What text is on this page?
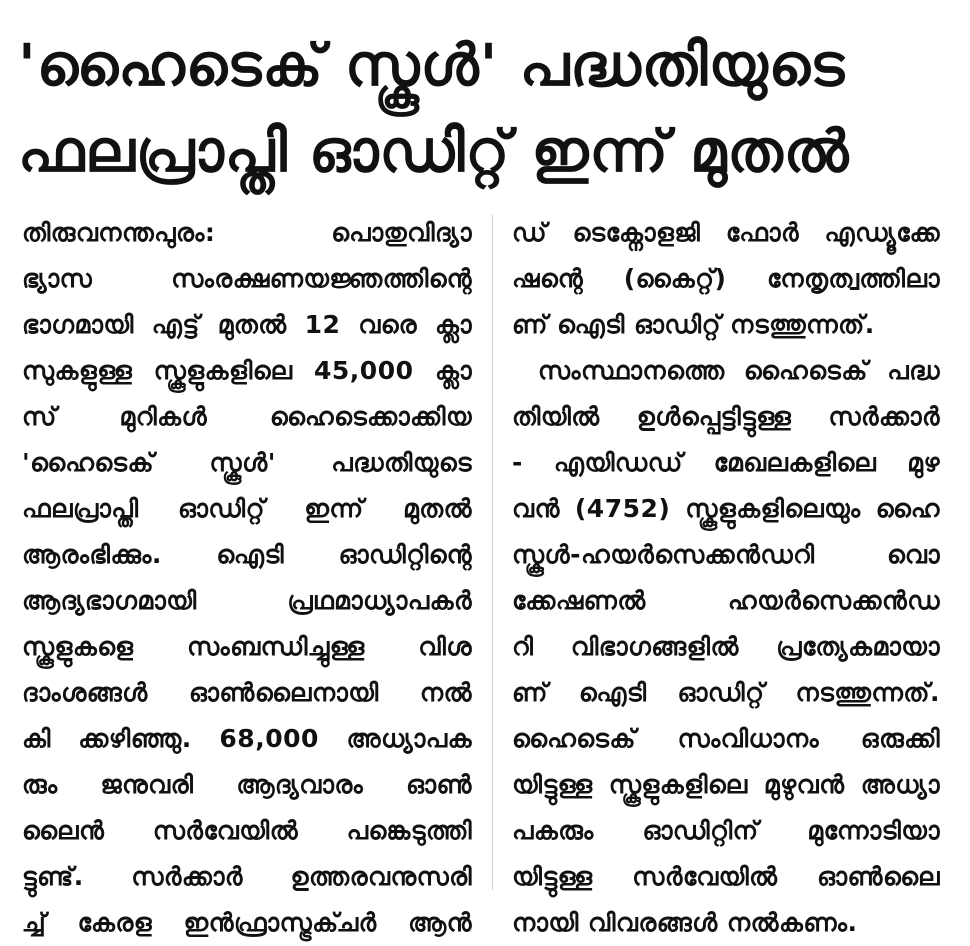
'ഹൈടെക് സ്കൂൾ' പദ്ധതിയുടെ
ഫലപ്രാപ്തി ഓഡിറ്റ് ഇന്ന് മുതൽ
തിരുവനന്തപുരം: പൊതുവിദ്യാ
ഭ്യാസ സംരക്ഷണയജ്ഞത്തിന്റെ
ഭാഗമായി എട്ട് മുതൽ 12 വരെ ക്ലാ
സുകളുള്ള സ്കൂളുകളിലെ 45,000 ക്ലാ
സ് മുറികൾ ഹൈടെക്കാക്കിയ
'ഹൈടെക് സ്കൂൾ' പദ്ധതിയുടെ
ഫലപ്രാപ്തി ഓഡിറ്റ് ഇന്ന് മുതൽ
ആരംഭിക്കും. ഐടി ഓഡിറ്റിന്റെ
ആദ്യഭാഗമായി പ്രഥമാധ്യാപകർ
സ്കൂളുകളെ സംബന്ധിച്ചുള്ള വിശ
ദാംശങ്ങൾ ഓൺലൈനായി നൽ
കി ക്കഴിഞ്ഞു. 68,000 അധ്യാപക
രും ജനുവരി ആദ്യവാരം ഓൺ
ലൈൻ സർവേയിൽ പങ്കെടുത്തി
ട്ടുണ്ട്. സർക്കാർ ഉത്തരവനുസരി
ച്ച് കേരള ഇൻഫ്രാസ്ട്രക്ചർ ആൻ
ഡ് ടെക്നോളജി ഫോർ എഡ്യൂക്കേ
ഷന്റെ (കൈറ്റ്) നേതൃത്വത്തിലാ
ണ് ഐടി ഓഡിറ്റ് നടത്തുന്നത്.
സംസ്ഥാനത്തെ ഹൈടെക് പദ്ധ
തിയിൽ ഉൾപ്പെട്ടിട്ടുള്ള സർക്കാർ
- എയിഡഡ് മേഖലകളിലെ മുഴ
വൻ (4752) സ്കൂളുകളിലെയും ഹൈ
സ്കൂൾ-ഹയർസെക്കൻഡറി വൊ
ക്കേഷണൽ ഹയർസെക്കൻഡ
റി വിഭാഗങ്ങളിൽ പ്രത്യേകമായാ
ണ് ഐടി ഓഡിറ്റ് നടത്തുന്നത്.
ഹൈടെക് സംവിധാനം ഒരുക്കി
യിട്ടുള്ള സ്കൂളുകളിലെ മുഴുവൻ അധ്യാ
പകരും ഓഡിറ്റിന് മുന്നോടിയാ
യിട്ടുള്ള സർവേയിൽ ഓൺലൈ
നായി വിവരങ്ങൾ നൽകണം.
